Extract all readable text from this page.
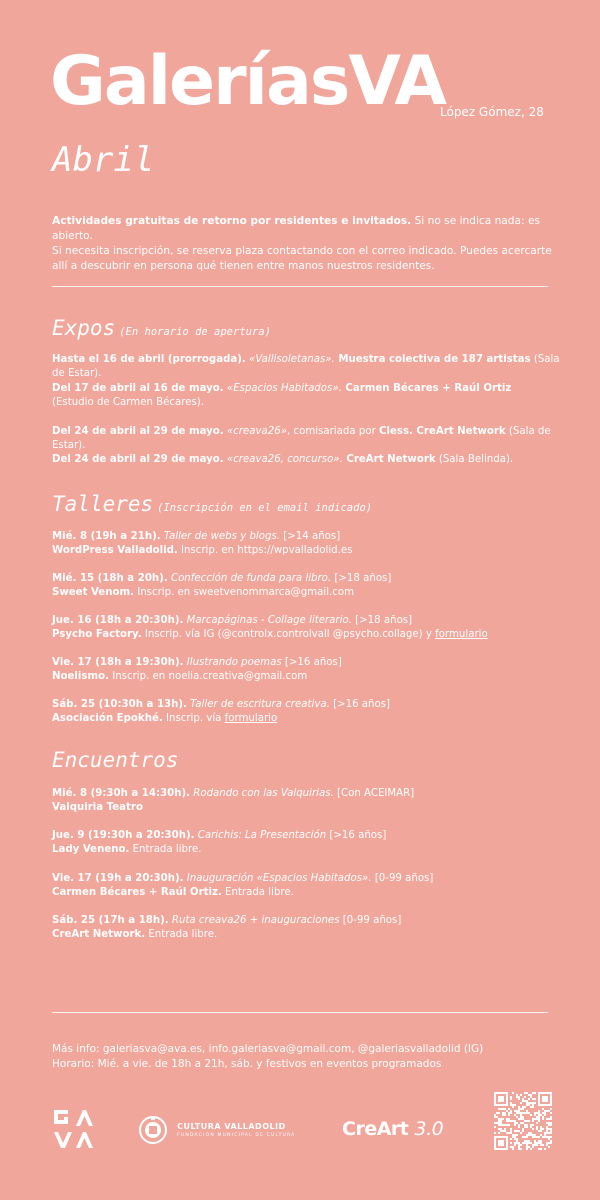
GaleríasVA
López Gómez, 28
Abril
Actividades gratuitas de retorno por residentes e invitados. Si no se indica nada: es abierto.
Si necesita inscripción, se reserva plaza contactando con el correo indicado. Puedes acercarte
allí a descubrir en persona qué tienen entre manos nuestros residentes.
Expos (En horario de apertura)
Hasta el 16 de abril (prorrogada). «Vallisoletanas». Muestra colectiva de 187 artistas (Sala de Estar).
Del 17 de abril al 16 de mayo. «Espacios Habitados». Carmen Bécares + Raúl Ortiz
(Estudio de Carmen Bécares).
Del 24 de abril al 29 de mayo. «creava26», comisariada por Cless. CreArt Network (Sala de Estar).
Del 24 de abril al 29 de mayo. «creava26, concurso». CreArt Network (Sala Belinda).
Talleres (Inscripción en el email indicado)
Mié. 8 (19h a 21h). Taller de webs y blogs. [>14 años]
WordPress Valladolid. Inscrip. en https://wpvalladolid.es
Mié. 15 (18h a 20h). Confección de funda para libro. [>18 años]
Sweet Venom. Inscrip. en sweetvenommarca@gmail.com
Jue. 16 (18h a 20:30h). Marcapáginas - Collage literario. [>18 años]
Psycho Factory. Inscrip. vía IG (@controlx.controlvall @psycho.collage) y formulario
Vie. 17 (18h a 19:30h). Ilustrando poemas [>16 años]
Noelismo. Inscrip. en noelia.creativa@gmail.com
Sáb. 25 (10:30h a 13h). Taller de escritura creativa. [>16 años]
Asociación Epokhé. Inscrip. vía formulario
Encuentros
Mié. 8 (9:30h a 14:30h). Rodando con las Valquirias. [Con ACEIMAR]
Valquiria Teatro
Jue. 9 (19:30h a 20:30h). Carichis: La Presentación [>16 años]
Lady Veneno. Entrada libre.
Vie. 17 (19h a 20:30h). Inauguración «Espacios Habitados». [0-99 años]
Carmen Bécares + Raúl Ortiz. Entrada libre.
Sáb. 25 (17h a 18h). Ruta creava26 + inauguraciones [0-99 años]
CreArt Network. Entrada libre.
Más info: galeriasva@ava.es, info.galeriasva@gmail.com, @galeriasvalladolid (IG)
Horario: Mié. a vie. de 18h a 21h, sáb. y festivos en eventos programados

CULTURA VALLADOLID
FUNDACIÓN MUNICIPAL DE CULTURA CreArt 3.0
